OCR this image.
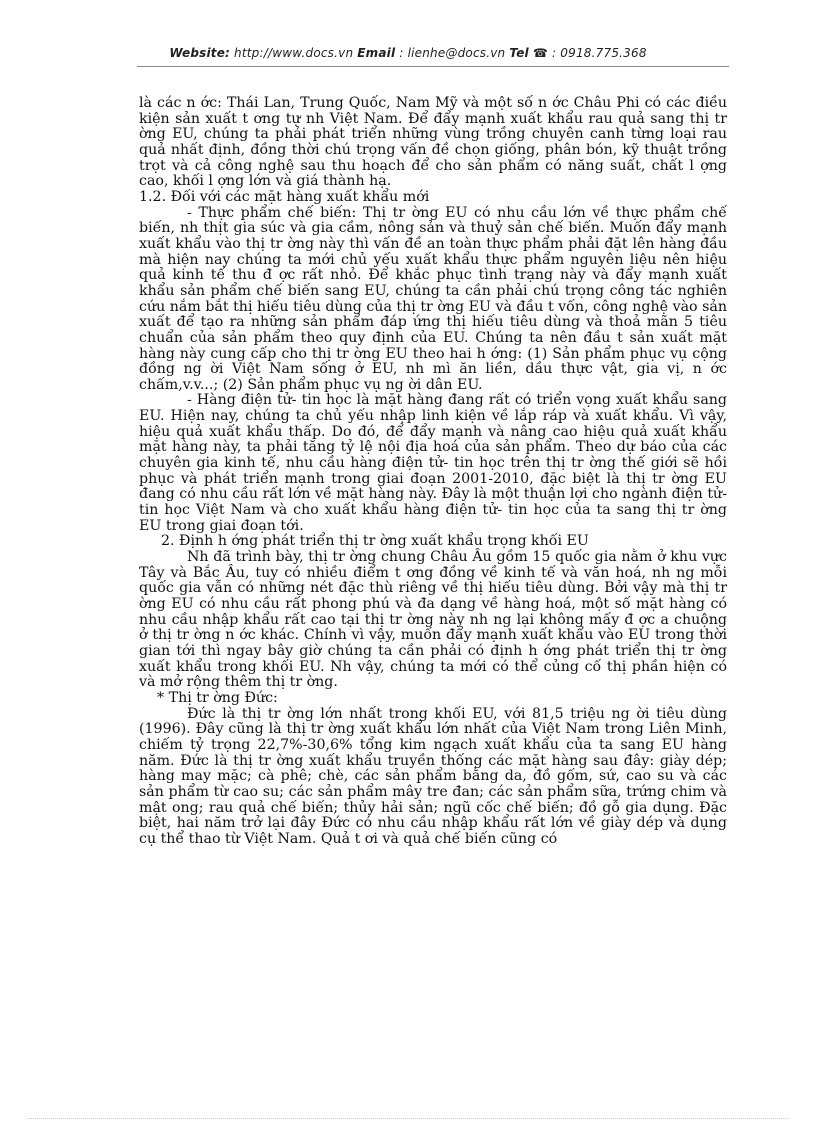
Website: http://www.docs.vn Email : lienhe@docs.vn Tel ☎ : 0918.775.368

là các n ớc: Thái Lan, Trung Quốc, Nam Mỹ và một số n ớc Châu Phi có các điều kiện sản xuất t ơng tự nh Việt Nam. Để đẩy mạnh xuất khẩu rau quả sang thị tr ờng EU, chúng ta phải phát triển những vùng trồng chuyên canh từng loại rau quả nhất định, đồng thời chú trọng vấn đề chọn giống, phân bón, kỹ thuật trồng trọt và cả công nghệ sau thu hoạch để cho sản phẩm có năng suất, chất l ợng cao, khối l ợng lớn và giá thành hạ.

1.2. Đối với các mặt hàng xuất khẩu mới

- Thực phẩm chế biến: Thị tr ờng EU có nhu cầu lớn về thực phẩm chế biến, nh thịt gia súc và gia cầm, nông sản và thuỷ sản chế biến. Muốn đẩy mạnh xuất khẩu vào thị tr ờng này thì vấn đề an toàn thực phẩm phải đặt lên hàng đầu mà hiện nay chúng ta mới chủ yếu xuất khẩu thực phẩm nguyên liệu nên hiệu quả kinh tế thu đ ợc rất nhỏ. Để khắc phục tình trạng này và đẩy mạnh xuất khẩu sản phẩm chế biến sang EU, chúng ta cần phải chú trọng công tác nghiên cứu nắm bắt thị hiếu tiêu dùng của thị tr ờng EU và đầu t vốn, công nghệ vào sản xuất để tạo ra những sản phẩm đáp ứng thị hiếu tiêu dùng và thoả mãn 5 tiêu chuẩn của sản phẩm theo quy định của EU. Chúng ta nên đầu t sản xuất mặt hàng này cung cấp cho thị tr ờng EU theo hai h ớng: (1) Sản phẩm phục vụ cộng đồng ng ời Việt Nam sống ở EU, nh mì ăn liền, dầu thực vật, gia vị, n ớc chấm,v.v...; (2) Sản phẩm phục vụ ng ời dân EU.

- Hàng điện tử- tin học là mặt hàng đang rất có triển vọng xuất khẩu sang EU. Hiện nay, chúng ta chủ yếu nhập linh kiện về lắp ráp và xuất khẩu. Vì vậy, hiệu quả xuất khẩu thấp. Do đó, để đẩy mạnh và nâng cao hiệu quả xuất khẩu mặt hàng này, ta phải tăng tỷ lệ nội địa hoá của sản phẩm. Theo dự báo của các chuyên gia kinh tế, nhu cầu hàng điện tử- tin học trên thị tr ờng thế giới sẽ hồi phục và phát triển mạnh trong giai đoạn 2001-2010, đặc biệt là thị tr ờng EU đang có nhu cầu rất lớn về mặt hàng này. Đây là một thuận lợi cho ngành điện tử- tin học Việt Nam và cho xuất khẩu hàng điện tử- tin học của ta sang thị tr ờng EU trong giai đoạn tới.

2. Định h ớng phát triển thị tr ờng xuất khẩu trọng khối EU

Nh đã trình bày, thị tr ờng chung Châu Âu gồm 15 quốc gia nằm ở khu vực Tây và Bắc Âu, tuy có nhiều điểm t ơng đồng về kinh tế và văn hoá, nh ng mỗi quốc gia vẫn có những nét đặc thù riêng về thị hiếu tiêu dùng. Bởi vậy mà thị tr ờng EU có nhu cầu rất phong phú và đa dạng về hàng hoá, một số mặt hàng có nhu cầu nhập khẩu rất cao tại thị tr ờng này nh ng lại không mấy đ ợc a chuộng ở thị tr ờng n ớc khác. Chính vì vậy, muốn đẩy mạnh xuất khẩu vào EU trong thời gian tới thì ngay bây giờ chúng ta cần phải có định h ớng phát triển thị tr ờng xuất khẩu trong khối EU. Nh vậy, chúng ta mới có thể củng cố thị phần hiện có và mở rộng thêm thị tr ờng.

* Thị tr ờng Đức:

Đức là thị tr ờng lớn nhất trong khối EU, với 81,5 triệu ng ời tiêu dùng (1996). Đây cũng là thị tr ờng xuất khẩu lớn nhất của Việt Nam trong Liên Minh, chiếm tỷ trọng 22,7%-30,6% tổng kim ngạch xuất khẩu của ta sang EU hàng năm. Đức là thị tr ờng xuất khẩu truyền thống các mặt hàng sau đây: giày dép; hàng may mặc; cà phê; chè, các sản phẩm bằng da, đồ gốm, sứ, cao su và các sản phẩm từ cao su; các sản phẩm mây tre đan; các sản phẩm sữa, trứng chim và mật ong; rau quả chế biến; thủy hải sản; ngũ cốc chế biến; đồ gỗ gia dụng. Đặc biệt, hai năm trở lại đây Đức có nhu cầu nhập khẩu rất lớn về giày dép và dụng cụ thể thao từ Việt Nam. Quả t ơi và quả chế biến cũng có
